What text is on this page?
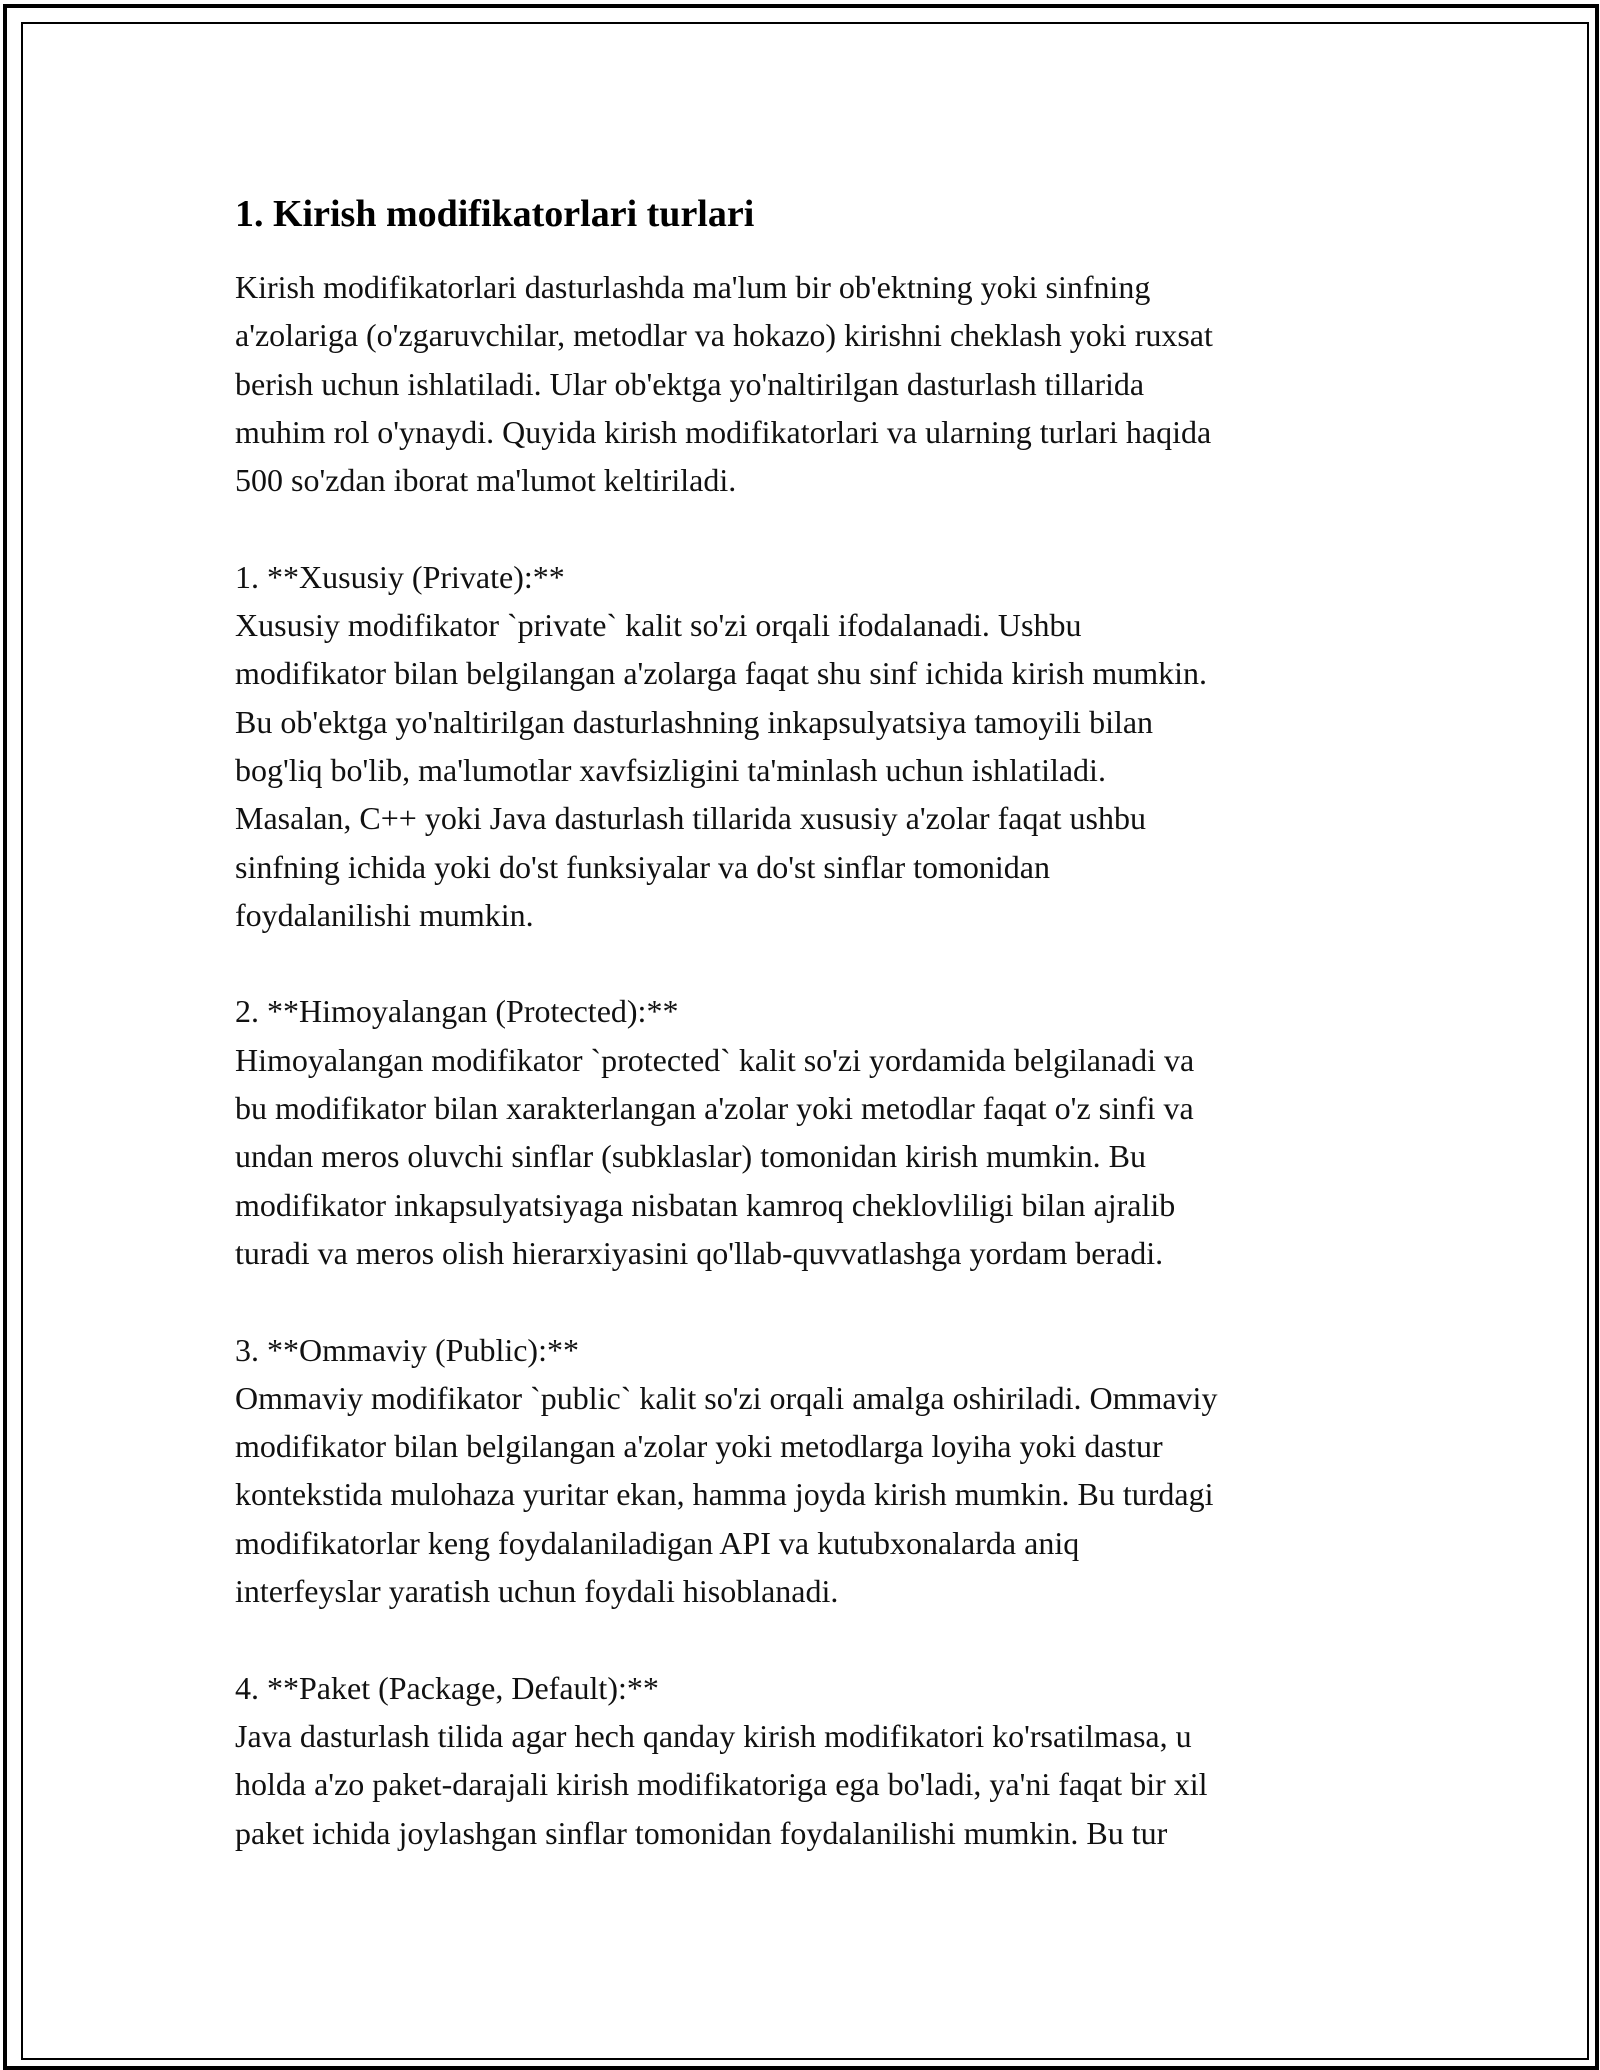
1. Kirish modifikatorlari turlari

Kirish modifikatorlari dasturlashda ma'lum bir ob'ektning yoki sinfning
a'zolariga (o'zgaruvchilar, metodlar va hokazo) kirishni cheklash yoki ruxsat
berish uchun ishlatiladi. Ular ob'ektga yo'naltirilgan dasturlash tillarida
muhim rol o'ynaydi. Quyida kirish modifikatorlari va ularning turlari haqida
500 so'zdan iborat ma'lumot keltiriladi.

1. **Xususiy (Private):**

Xususiy modifikator `private` kalit so'zi orqali ifodalanadi. Ushbu
modifikator bilan belgilangan a'zolarga faqat shu sinf ichida kirish mumkin.
Bu ob'ektga yo'naltirilgan dasturlashning inkapsulyatsiya tamoyili bilan
bog'liq bo'lib, ma'lumotlar xavfsizligini ta'minlash uchun ishlatiladi.
Masalan, C++ yoki Java dasturlash tillarida xususiy a'zolar faqat ushbu
sinfning ichida yoki do'st funksiyalar va do'st sinflar tomonidan
foydalanilishi mumkin.

2. **Himoyalangan (Protected):**

Himoyalangan modifikator `protected` kalit so'zi yordamida belgilanadi va
bu modifikator bilan xarakterlangan a'zolar yoki metodlar faqat o'z sinfi va
undan meros oluvchi sinflar (subklaslar) tomonidan kirish mumkin. Bu
modifikator inkapsulyatsiyaga nisbatan kamroq cheklovliligi bilan ajralib
turadi va meros olish hierarxiyasini qo'llab-quvvatlashga yordam beradi.

3. **Ommaviy (Public):**

Ommaviy modifikator `public` kalit so'zi orqali amalga oshiriladi. Ommaviy
modifikator bilan belgilangan a'zolar yoki metodlarga loyiha yoki dastur
kontekstida mulohaza yuritar ekan, hamma joyda kirish mumkin. Bu turdagi
modifikatorlar keng foydalaniladigan API va kutubxonalarda aniq
interfeyslar yaratish uchun foydali hisoblanadi.

4. **Paket (Package, Default):**

Java dasturlash tilida agar hech qanday kirish modifikatori ko'rsatilmasa, u
holda a'zo paket-darajali kirish modifikatoriga ega bo'ladi, ya'ni faqat bir xil
paket ichida joylashgan sinflar tomonidan foydalanilishi mumkin. Bu tur
